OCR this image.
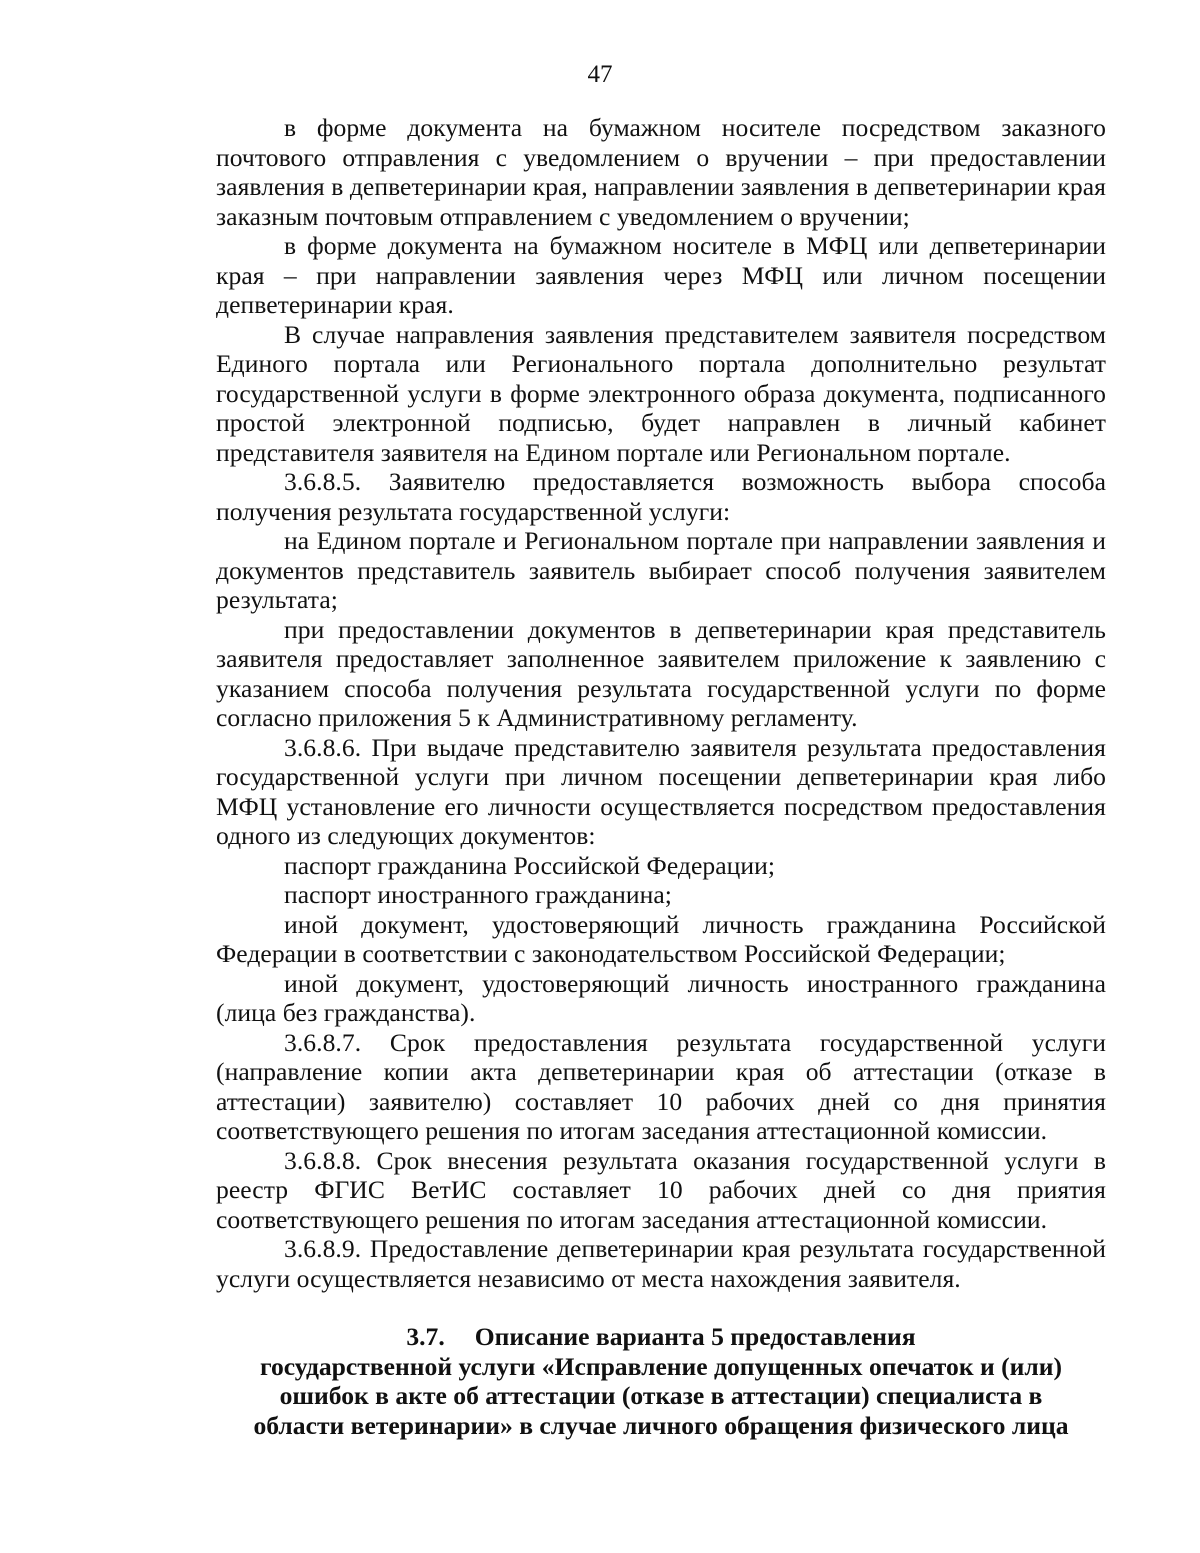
47

в форме документа на бумажном носителе посредством заказного почтового отправления с уведомлением о вручении – при предоставлении заявления в депветеринарии края, направлении заявления в депветеринарии края заказным почтовым отправлением с уведомлением о вручении;

в форме документа на бумажном носителе в МФЦ или депветеринарии края – при направлении заявления через МФЦ или личном посещении депветеринарии края.

В случае направления заявления представителем заявителя посредством Единого портала или Регионального портала дополнительно результат государственной услуги в форме электронного образа документа, подписанного простой электронной подписью, будет направлен в личный кабинет представителя заявителя на Едином портале или Региональном портале.

3.6.8.5. Заявителю предоставляется возможность выбора способа получения результата государственной услуги:

на Едином портале и Региональном портале при направлении заявления и документов представитель заявитель выбирает способ получения заявителем результата;

при предоставлении документов в депветеринарии края представитель заявителя предоставляет заполненное заявителем приложение к заявлению с указанием способа получения результата государственной услуги по форме согласно приложения 5 к Административному регламенту.

3.6.8.6. При выдаче представителю заявителя результата предоставления государственной услуги при личном посещении депветеринарии края либо МФЦ установление его личности осуществляется посредством предоставления одного из следующих документов:

паспорт гражданина Российской Федерации;

паспорт иностранного гражданина;

иной документ, удостоверяющий личность гражданина Российской Федерации в соответствии с законодательством Российской Федерации;

иной документ, удостоверяющий личность иностранного гражданина (лица без гражданства).

3.6.8.7. Срок предоставления результата государственной услуги (направление копии акта депветеринарии края об аттестации (отказе в аттестации) заявителю) составляет 10 рабочих дней со дня принятия соответствующего решения по итогам заседания аттестационной комиссии.

3.6.8.8. Срок внесения результата оказания государственной услуги в реестр ФГИС ВетИС составляет 10 рабочих дней со дня приятия соответствующего решения по итогам заседания аттестационной комиссии.

3.6.8.9. Предоставление депветеринарии края результата государственной услуги осуществляется независимо от места нахождения заявителя.

3.7. Описание варианта 5 предоставления
государственной услуги «Исправление допущенных опечаток и (или)
ошибок в акте об аттестации (отказе в аттестации) специалиста в
области ветеринарии» в случае личного обращения физического лица
